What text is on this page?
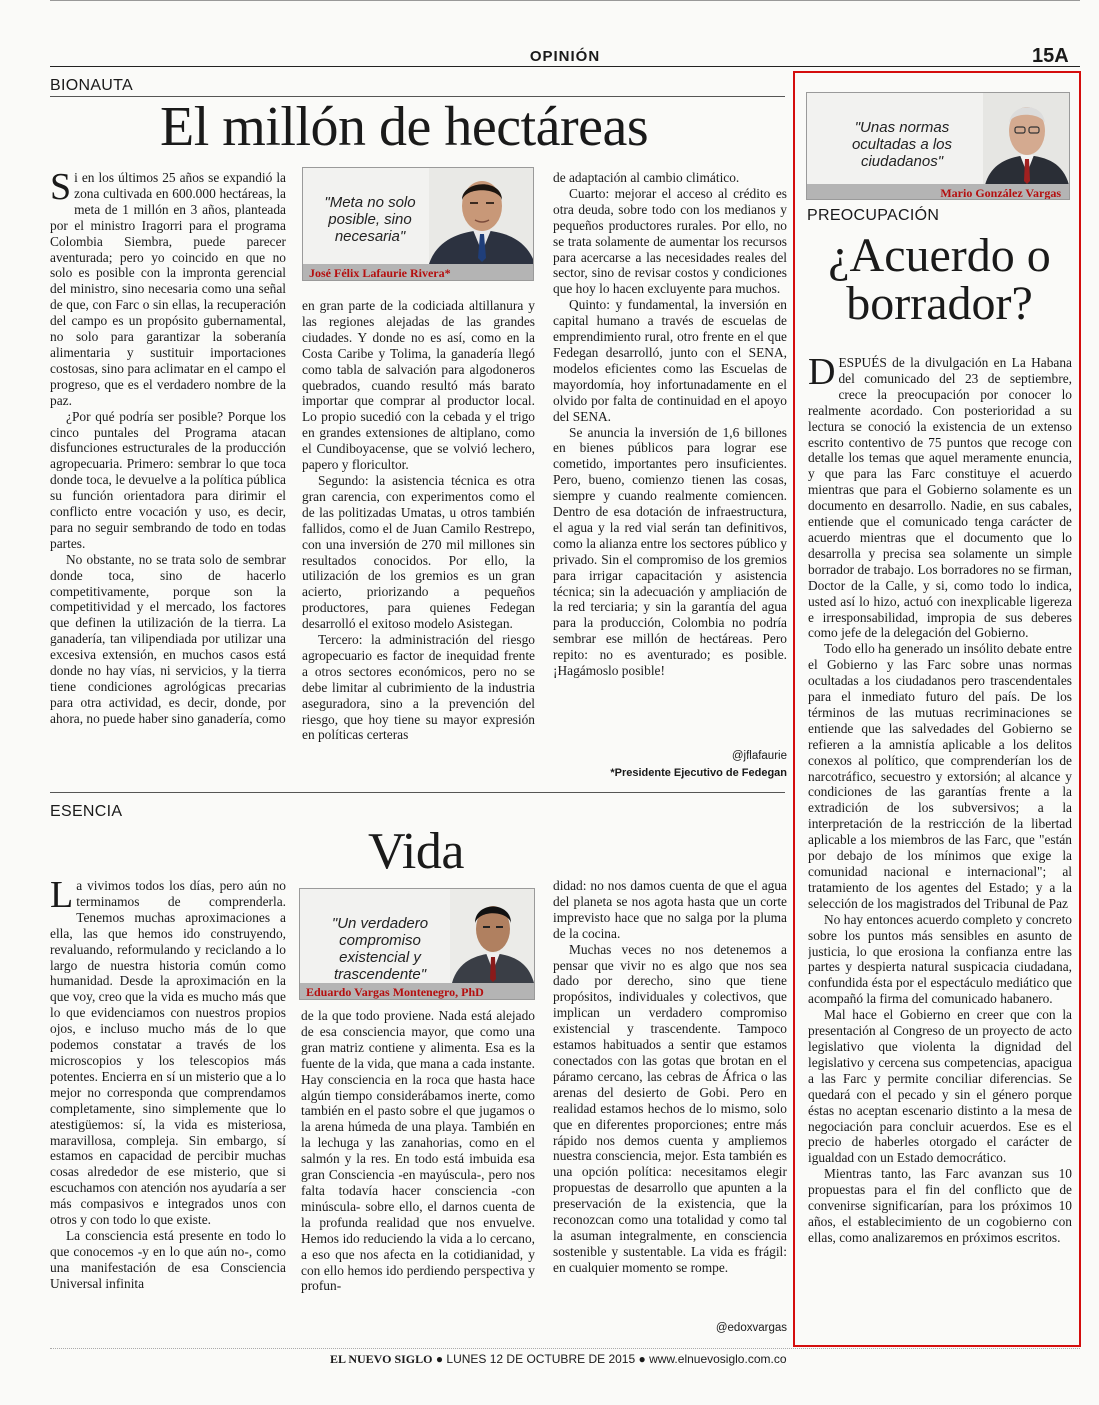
OPINIÓN	15A
BIONAUTA
El millón de hectáreas

Si en los últimos 25 años se expandió la zona cultivada en 600.000 hectáreas, la meta de 1 millón en 3 años, planteada por el ministro Iragorri para el programa Colombia Siembra, puede parecer aventurada; pero yo coincido en que no solo es posible con la impronta gerencial del ministro, sino necesaria como una señal de que, con Farc o sin ellas, la recuperación del campo es un propósito gubernamental, no solo para garantizar la soberanía alimentaria y sustituir importaciones costosas, sino para aclimatar en el campo el progreso, que es el verdadero nombre de la paz.

¿Por qué podría ser posible? Porque los cinco puntales del Programa atacan disfunciones estructurales de la producción agropecuaria. Primero: sembrar lo que toca donde toca, le devuelve a la política pública su función orientadora para dirimir el conflicto entre vocación y uso, es decir, para no seguir sembrando de todo en todas partes.

No obstante, no se trata solo de sembrar donde toca, sino de hacerlo competitivamente, porque son la competitividad y el mercado, los factores que definen la utilización de la tierra. La ganadería, tan vilipendiada por utilizar una excesiva extensión, en muchos casos está donde no hay vías, ni servicios, y la tierra tiene condiciones agrológicas precarias para otra actividad, es decir, donde, por ahora, no puede haber sino ganadería, como

"Meta no solo posible, sino necesaria"
José Félix Lafaurie Rivera*

en gran parte de la codiciada altillanura y las regiones alejadas de las grandes ciudades. Y donde no es así, como en la Costa Caribe y Tolima, la ganadería llegó como tabla de salvación para algodoneros quebrados, cuando resultó más barato importar que comprar al productor local. Lo propio sucedió con la cebada y el trigo en grandes extensiones de altiplano, como el Cundiboyacense, que se volvió lechero, papero y floricultor.

Segundo: la asistencia técnica es otra gran carencia, con experimentos como el de las politizadas Umatas, u otros también fallidos, como el de Juan Camilo Restrepo, con una inversión de 270 mil millones sin resultados conocidos. Por ello, la utilización de los gremios es un gran acierto, priorizando a pequeños productores, para quienes Fedegan desarrolló el exitoso modelo Asistegan.

Tercero: la administración del riesgo agropecuario es factor de inequidad frente a otros sectores económicos, pero no se debe limitar al cubrimiento de la industria aseguradora, sino a la prevención del riesgo, que hoy tiene su mayor expresión en políticas certeras

de adaptación al cambio climático.

Cuarto: mejorar el acceso al crédito es otra deuda, sobre todo con los medianos y pequeños productores rurales. Por ello, no se trata solamente de aumentar los recursos para acercarse a las necesidades reales del sector, sino de revisar costos y condiciones que hoy lo hacen excluyente para muchos.

Quinto: y fundamental, la inversión en capital humano a través de escuelas de emprendimiento rural, otro frente en el que Fedegan desarrolló, junto con el SENA, modelos eficientes como las Escuelas de mayordomía, hoy infortunadamente en el olvido por falta de continuidad en el apoyo del SENA.

Se anuncia la inversión de 1,6 billones en bienes públicos para lograr ese cometido, importantes pero insuficientes. Pero, bueno, comienzo tienen las cosas, siempre y cuando realmente comiencen. Dentro de esa dotación de infraestructura, el agua y la red vial serán tan definitivos, como la alianza entre los sectores público y privado. Sin el compromiso de los gremios para irrigar capacitación y asistencia técnica; sin la adecuación y ampliación de la red terciaria; y sin la garantía del agua para la producción, Colombia no podría sembrar ese millón de hectáreas. Pero repito: no es aventurado; es posible. ¡Hagámoslo posible!

@jflafaurie
*Presidente Ejecutivo de Fedegan
ESENCIA
Vida

La vivimos todos los días, pero aún no terminamos de comprenderla. Tenemos muchas aproximaciones a ella, las que hemos ido construyendo, revaluando, reformulando y reciclando a lo largo de nuestra historia común como humanidad. Desde la aproximación en la que voy, creo que la vida es mucho más que lo que evidenciamos con nuestros propios ojos, e incluso mucho más de lo que podemos constatar a través de los microscopios y los telescopios más potentes. Encierra en sí un misterio que a lo mejor no corresponda que comprendamos completamente, sino simplemente que lo atestigüemos: sí, la vida es misteriosa, maravillosa, compleja. Sin embargo, sí estamos en capacidad de percibir muchas cosas alrededor de ese misterio, que si escuchamos con atención nos ayudaría a ser más compasivos e integrados unos con otros y con todo lo que existe.

La consciencia está presente en todo lo que conocemos -y en lo que aún no-, como una manifestación de esa Consciencia Universal infinita

"Un verdadero compromiso existencial y trascendente"
Eduardo Vargas Montenegro, PhD

de la que todo proviene. Nada está alejado de esa consciencia mayor, que como una gran matriz contiene y alimenta. Esa es la fuente de la vida, que mana a cada instante. Hay consciencia en la roca que hasta hace algún tiempo considerábamos inerte, como también en el pasto sobre el que jugamos o la arena húmeda de una playa. También en la lechuga y las zanahorias, como en el salmón y la res. En todo está imbuida esa gran Consciencia -en mayúscula-, pero nos falta todavía hacer consciencia -con minúscula- sobre ello, el darnos cuenta de la profunda realidad que nos envuelve. Hemos ido reduciendo la vida a lo cercano, a eso que nos afecta en la cotidianidad, y con ello hemos ido perdiendo perspectiva y profun-

didad: no nos damos cuenta de que el agua del planeta se nos agota hasta que un corte imprevisto hace que no salga por la pluma de la cocina.

Muchas veces no nos detenemos a pensar que vivir no es algo que nos sea dado por derecho, sino que tiene propósitos, individuales y colectivos, que implican un verdadero compromiso existencial y trascendente. Tampoco estamos habituados a sentir que estamos conectados con las gotas que brotan en el páramo cercano, las cebras de África o las arenas del desierto de Gobi. Pero en realidad estamos hechos de lo mismo, solo que en diferentes proporciones; entre más rápido nos demos cuenta y ampliemos nuestra consciencia, mejor. Esta también es una opción política: necesitamos elegir propuestas de desarrollo que apunten a la preservación de la existencia, que la reconozcan como una totalidad y como tal la asuman integralmente, en consciencia sostenible y sustentable. La vida es frágil: en cualquier momento se rompe.

@edoxvargas
"Unas normas ocultadas a los ciudadanos"
Mario González Vargas
PREOCUPACIÓN
¿Acuerdo o
borrador?

DESPUÉS de la divulgación en La Habana del comunicado del 23 de septiembre, crece la preocupación por conocer lo realmente acordado. Con posterioridad a su lectura se conoció la existencia de un extenso escrito contentivo de 75 puntos que recoge con detalle los temas que aquel meramente enuncia, y que para las Farc constituye el acuerdo mientras que para el Gobierno solamente es un documento en desarrollo. Nadie, en sus cabales, entiende que el comunicado tenga carácter de acuerdo mientras que el documento que lo desarrolla y precisa sea solamente un simple borrador de trabajo. Los borradores no se firman, Doctor de la Calle, y si, como todo lo indica, usted así lo hizo, actuó con inexplicable ligereza e irresponsabilidad, impropia de sus deberes como jefe de la delegación del Gobierno.

Todo ello ha generado un insólito debate entre el Gobierno y las Farc sobre unas normas ocultadas a los ciudadanos pero trascendentales para el inmediato futuro del país. De los términos de las mutuas recriminaciones se entiende que las salvedades del Gobierno se refieren a la amnistía aplicable a los delitos conexos al político, que comprenderían los de narcotráfico, secuestro y extorsión; al alcance y condiciones de las garantías frente a la extradición de los subversivos; a la interpretación de la restricción de la libertad aplicable a los miembros de las Farc, que "están por debajo de los mínimos que exige la comunidad nacional e internacional"; al tratamiento de los agentes del Estado; y a la selección de los magistrados del Tribunal de Paz

No hay entonces acuerdo completo y concreto sobre los puntos más sensibles en asunto de justicia, lo que erosiona la confianza entre las partes y despierta natural suspicacia ciudadana, confundida ésta por el espectáculo mediático que acompañó la firma del comunicado habanero.

Mal hace el Gobierno en creer que con la presentación al Congreso de un proyecto de acto legislativo que violenta la dignidad del legislativo y cercena sus competencias, apacigua a las Farc y permite conciliar diferencias. Se quedará con el pecado y sin el género porque éstas no aceptan escenario distinto a la mesa de negociación para concluir acuerdos. Ese es el precio de haberles otorgado el carácter de igualdad con un Estado democrático.

Mientras tanto, las Farc avanzan sus 10 propuestas para el fin del conflicto que de convenirse significarían, para los próximos 10 años, el establecimiento de un cogobierno con ellas, como analizaremos en próximos escritos.

EL NUEVO SIGLO ● LUNES 12 DE OCTUBRE DE 2015 ● www.elnuevosiglo.com.co
